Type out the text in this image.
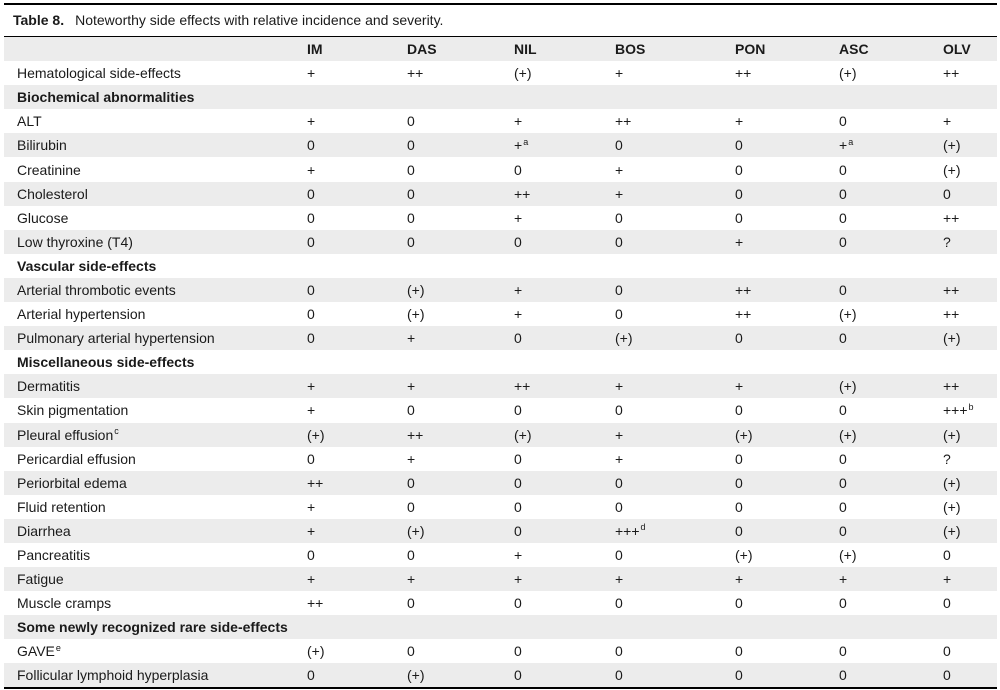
Table 8. Noteworthy side effects with relative incidence and severity.
	IM	DAS	NIL	BOS	PON	ASC	OLV
Hematological side-effects	+	++	(+)	+	++	(+)	++
Biochemical abnormalities							
ALT	+	0	+	++	+	0	+
Bilirubin	0	0	+$^a$	0	0	+$^a$	(+)
Creatinine	+	0	0	+	0	0	(+)
Cholesterol	0	0	++	+	0	0	0
Glucose	0	0	+	0	0	0	++
Low thyroxine (T4)	0	0	0	0	+	0	?
Vascular side-effects							
Arterial thrombotic events	0	(+)	+	0	++	0	++
Arterial hypertension	0	(+)	+	0	++	(+)	++
Pulmonary arterial hypertension	0	+	0	(+)	0	0	(+)
Miscellaneous side-effects							
Dermatitis	+	+	++	+	+	(+)	++
Skin pigmentation	+	0	0	0	0	0	+++$^b$
Pleural effusion$^c$	(+)	++	(+)	+	(+)	(+)	(+)
Pericardial effusion	0	+	0	+	0	0	?
Periorbital edema	++	0	0	0	0	0	(+)
Fluid retention	+	0	0	0	0	0	(+)
Diarrhea	+	(+)	0	+++$^d$	0	0	(+)
Pancreatitis	0	0	+	0	(+)	(+)	0
Fatigue	+	+	+	+	+	+	+
Muscle cramps	++	0	0	0	0	0	0
Some newly recognized rare side-effects							
GAVE$^e$	(+)	0	0	0	0	0	0
Follicular lymphoid hyperplasia	0	(+)	0	0	0	0	0
